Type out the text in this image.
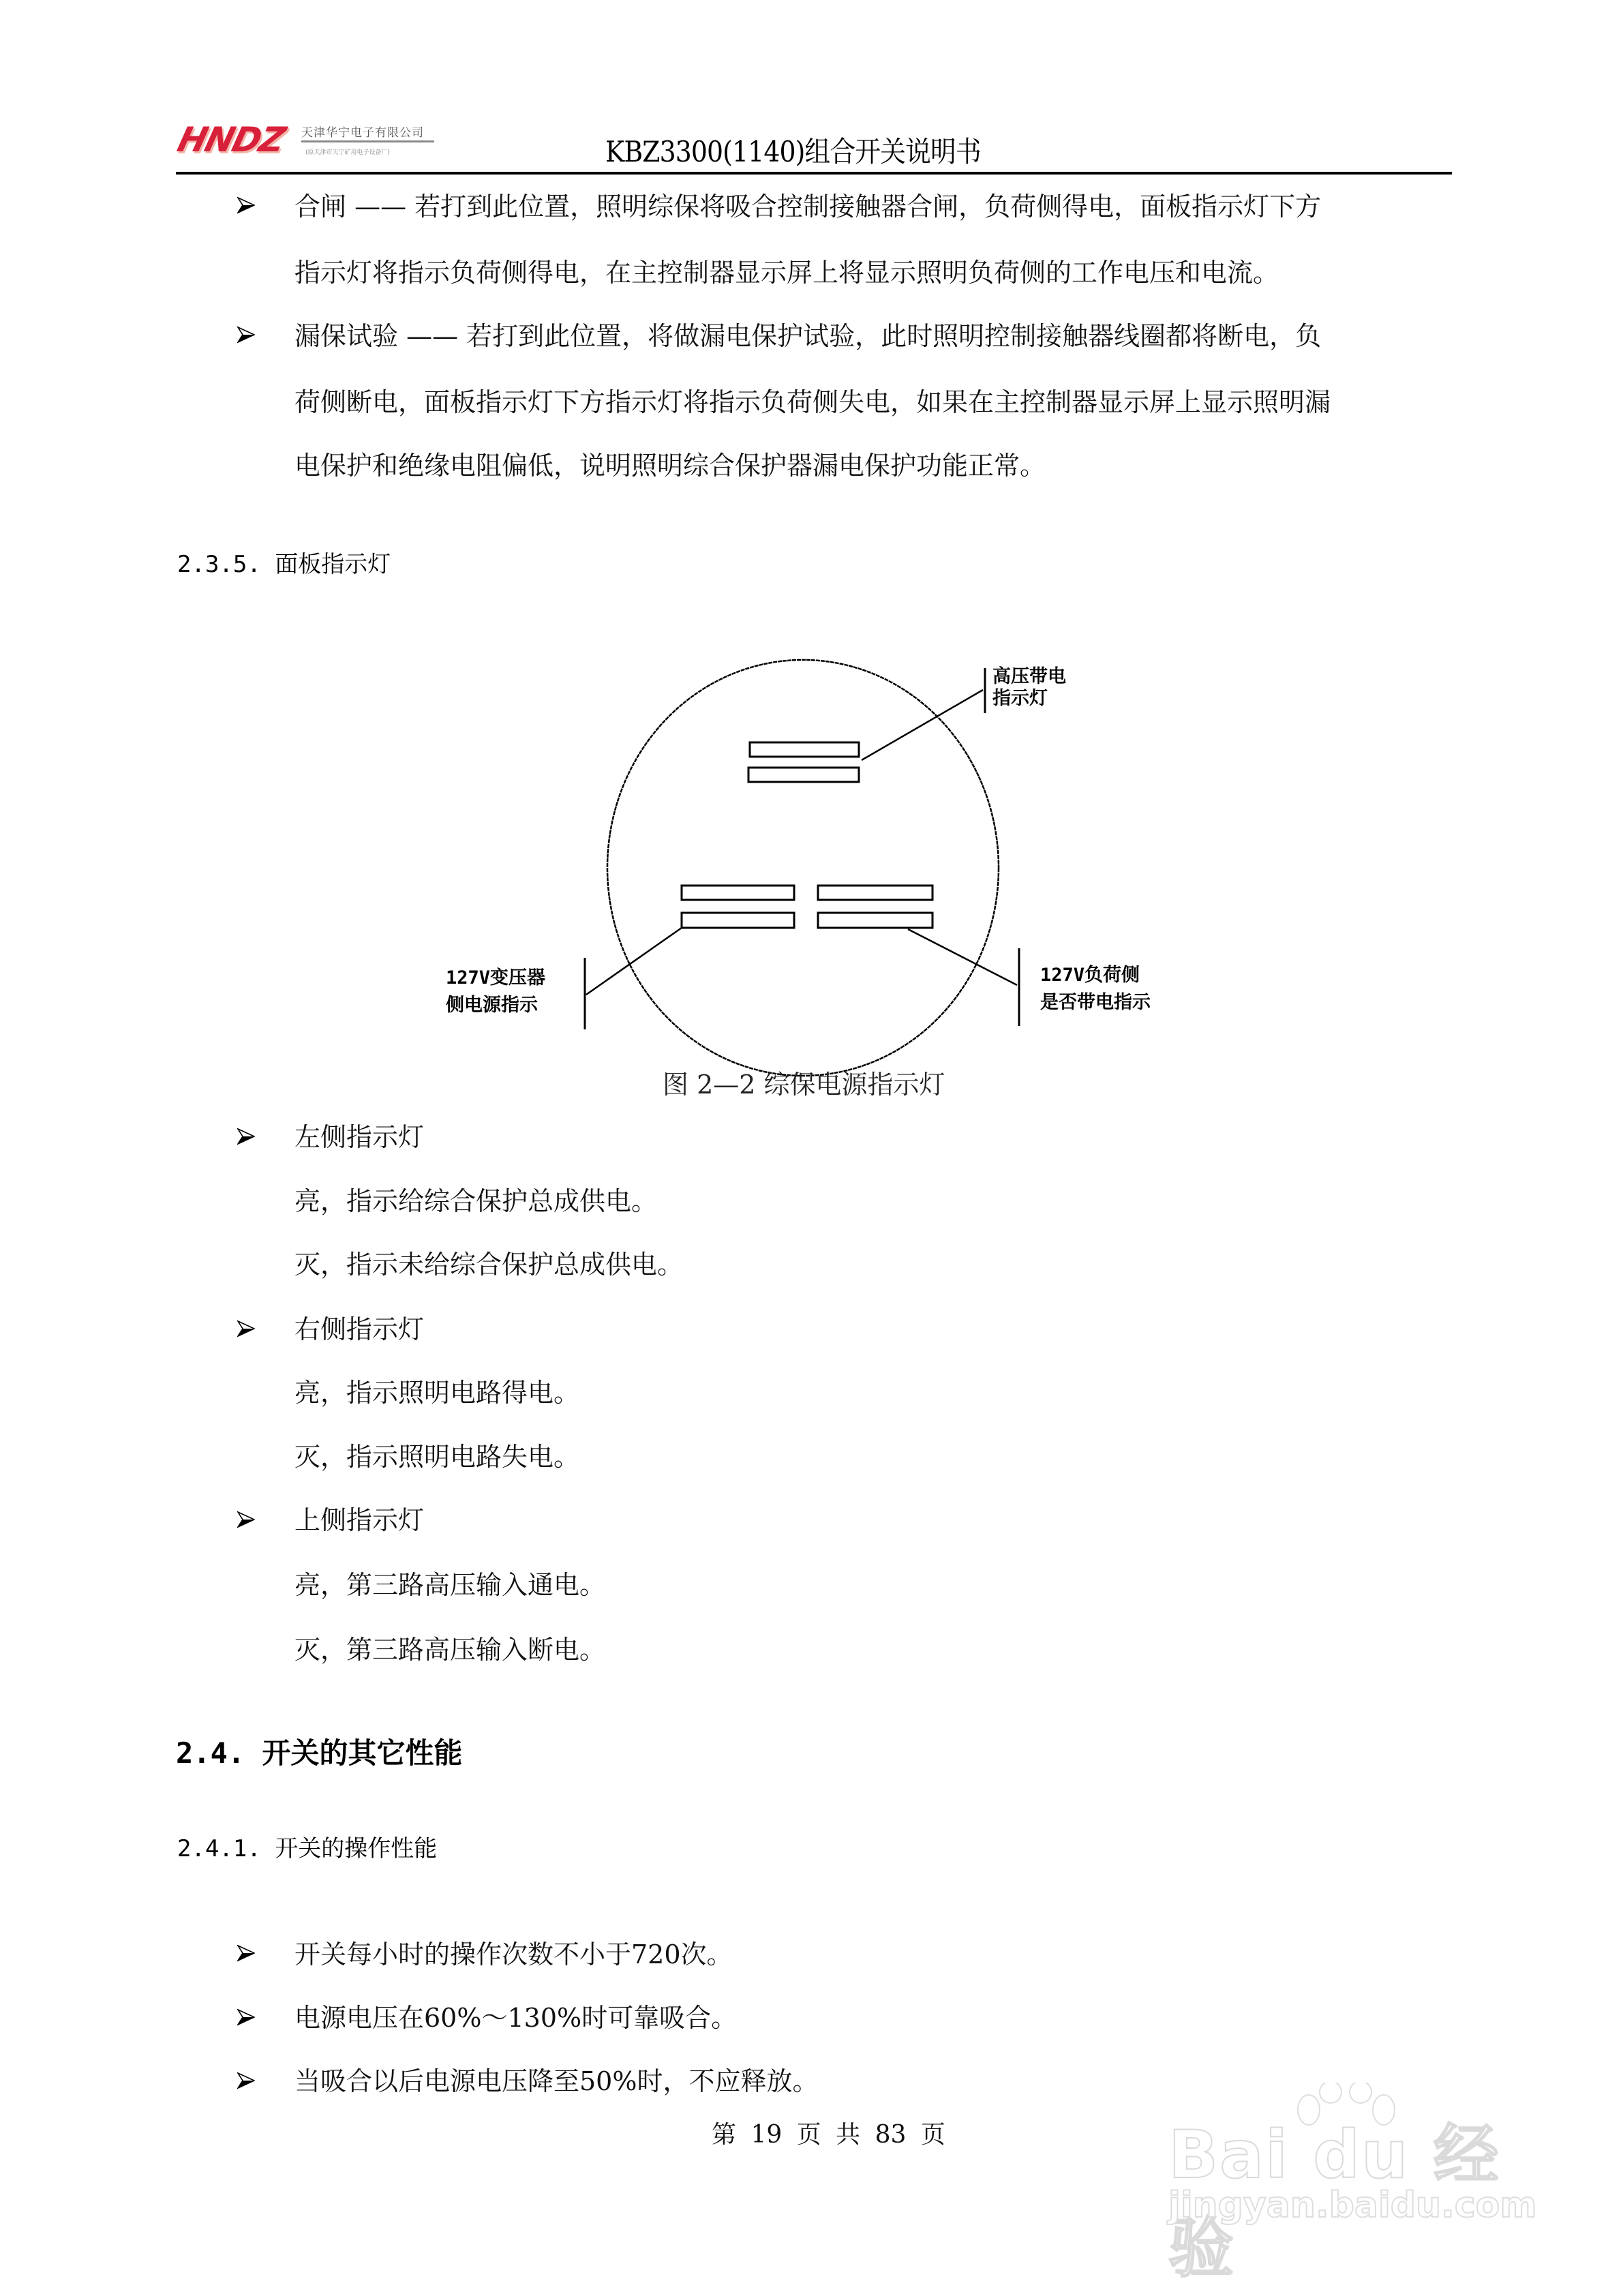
HNDZ	天津华宁电子有限公司
(原天津市天宁矿用电子设备厂)	KBZ3300(1140)组合开关说明书
合闸 —— 若打到此位置，照明综保将吸合控制接触器合闸，负荷侧得电，面板指示灯下方
指示灯将指示负荷侧得电，在主控制器显示屏上将显示照明负荷侧的工作电压和电流。
漏保试验 —— 若打到此位置，将做漏电保护试验，此时照明控制接触器线圈都将断电，负
荷侧断电，面板指示灯下方指示灯将指示负荷侧失电，如果在主控制器显示屏上显示照明漏
电保护和绝缘电阻偏低，说明照明综合保护器漏电保护功能正常。
2.3.5. 面板指示灯
高压带电
指示灯
127V变压器
侧电源指示
127V负荷侧
是否带电指示
图 2—2 综保电源指示灯
左侧指示灯
亮，指示给综合保护总成供电。
灭，指示未给综合保护总成供电。
右侧指示灯
亮，指示照明电路得电。
灭，指示照明电路失电。
上侧指示灯
亮，第三路高压输入通电。
灭，第三路高压输入断电。
2.4. 开关的其它性能
2.4.1. 开关的操作性能
开关每小时的操作次数不小于720次。
电源电压在60%～130%时可靠吸合。
当吸合以后电源电压降至50%时，不应释放。
第 19 页 共 83 页	Bai du 经验
jingyan.baidu.com
